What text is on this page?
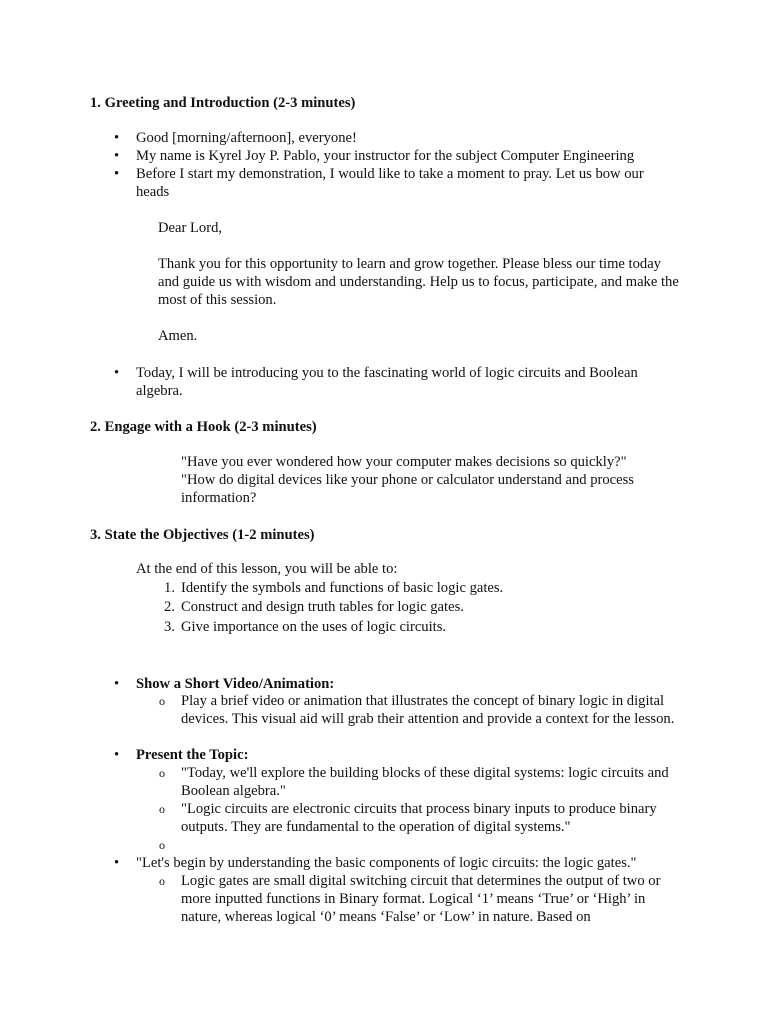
1. Greeting and Introduction (2-3 minutes)
• Good [morning/afternoon], everyone!
• My name is Kyrel Joy P. Pablo, your instructor for the subject Computer Engineering
• Before I start my demonstration, I would like to take a moment to pray. Let us bow our heads
Dear Lord,
Thank you for this opportunity to learn and grow together. Please bless our time today and guide us with wisdom and understanding. Help us to focus, participate, and make the most of this session.
Amen.
• Today, I will be introducing you to the fascinating world of logic circuits and Boolean algebra.
2. Engage with a Hook (2-3 minutes)
"Have you ever wondered how your computer makes decisions so quickly?"
"How do digital devices like your phone or calculator understand and process information?
3. State the Objectives (1-2 minutes)
At the end of this lesson, you will be able to:
1. Identify the symbols and functions of basic logic gates.
2. Construct and design truth tables for logic gates.
3. Give importance on the uses of logic circuits.
• Show a Short Video/Animation:
o Play a brief video or animation that illustrates the concept of binary logic in digital devices. This visual aid will grab their attention and provide a context for the lesson.
• Present the Topic:
o "Today, we'll explore the building blocks of these digital systems: logic circuits and Boolean algebra."
o "Logic circuits are electronic circuits that process binary inputs to produce binary outputs. They are fundamental to the operation of digital systems."
o
• "Let's begin by understanding the basic components of logic circuits: the logic gates."
o Logic gates are small digital switching circuit that determines the output of two or more inputted functions in Binary format. Logical ‘1’ means ‘True’ or ‘High’ in nature, whereas logical ‘0’ means ‘False’ or ‘Low’ in nature. Based on
